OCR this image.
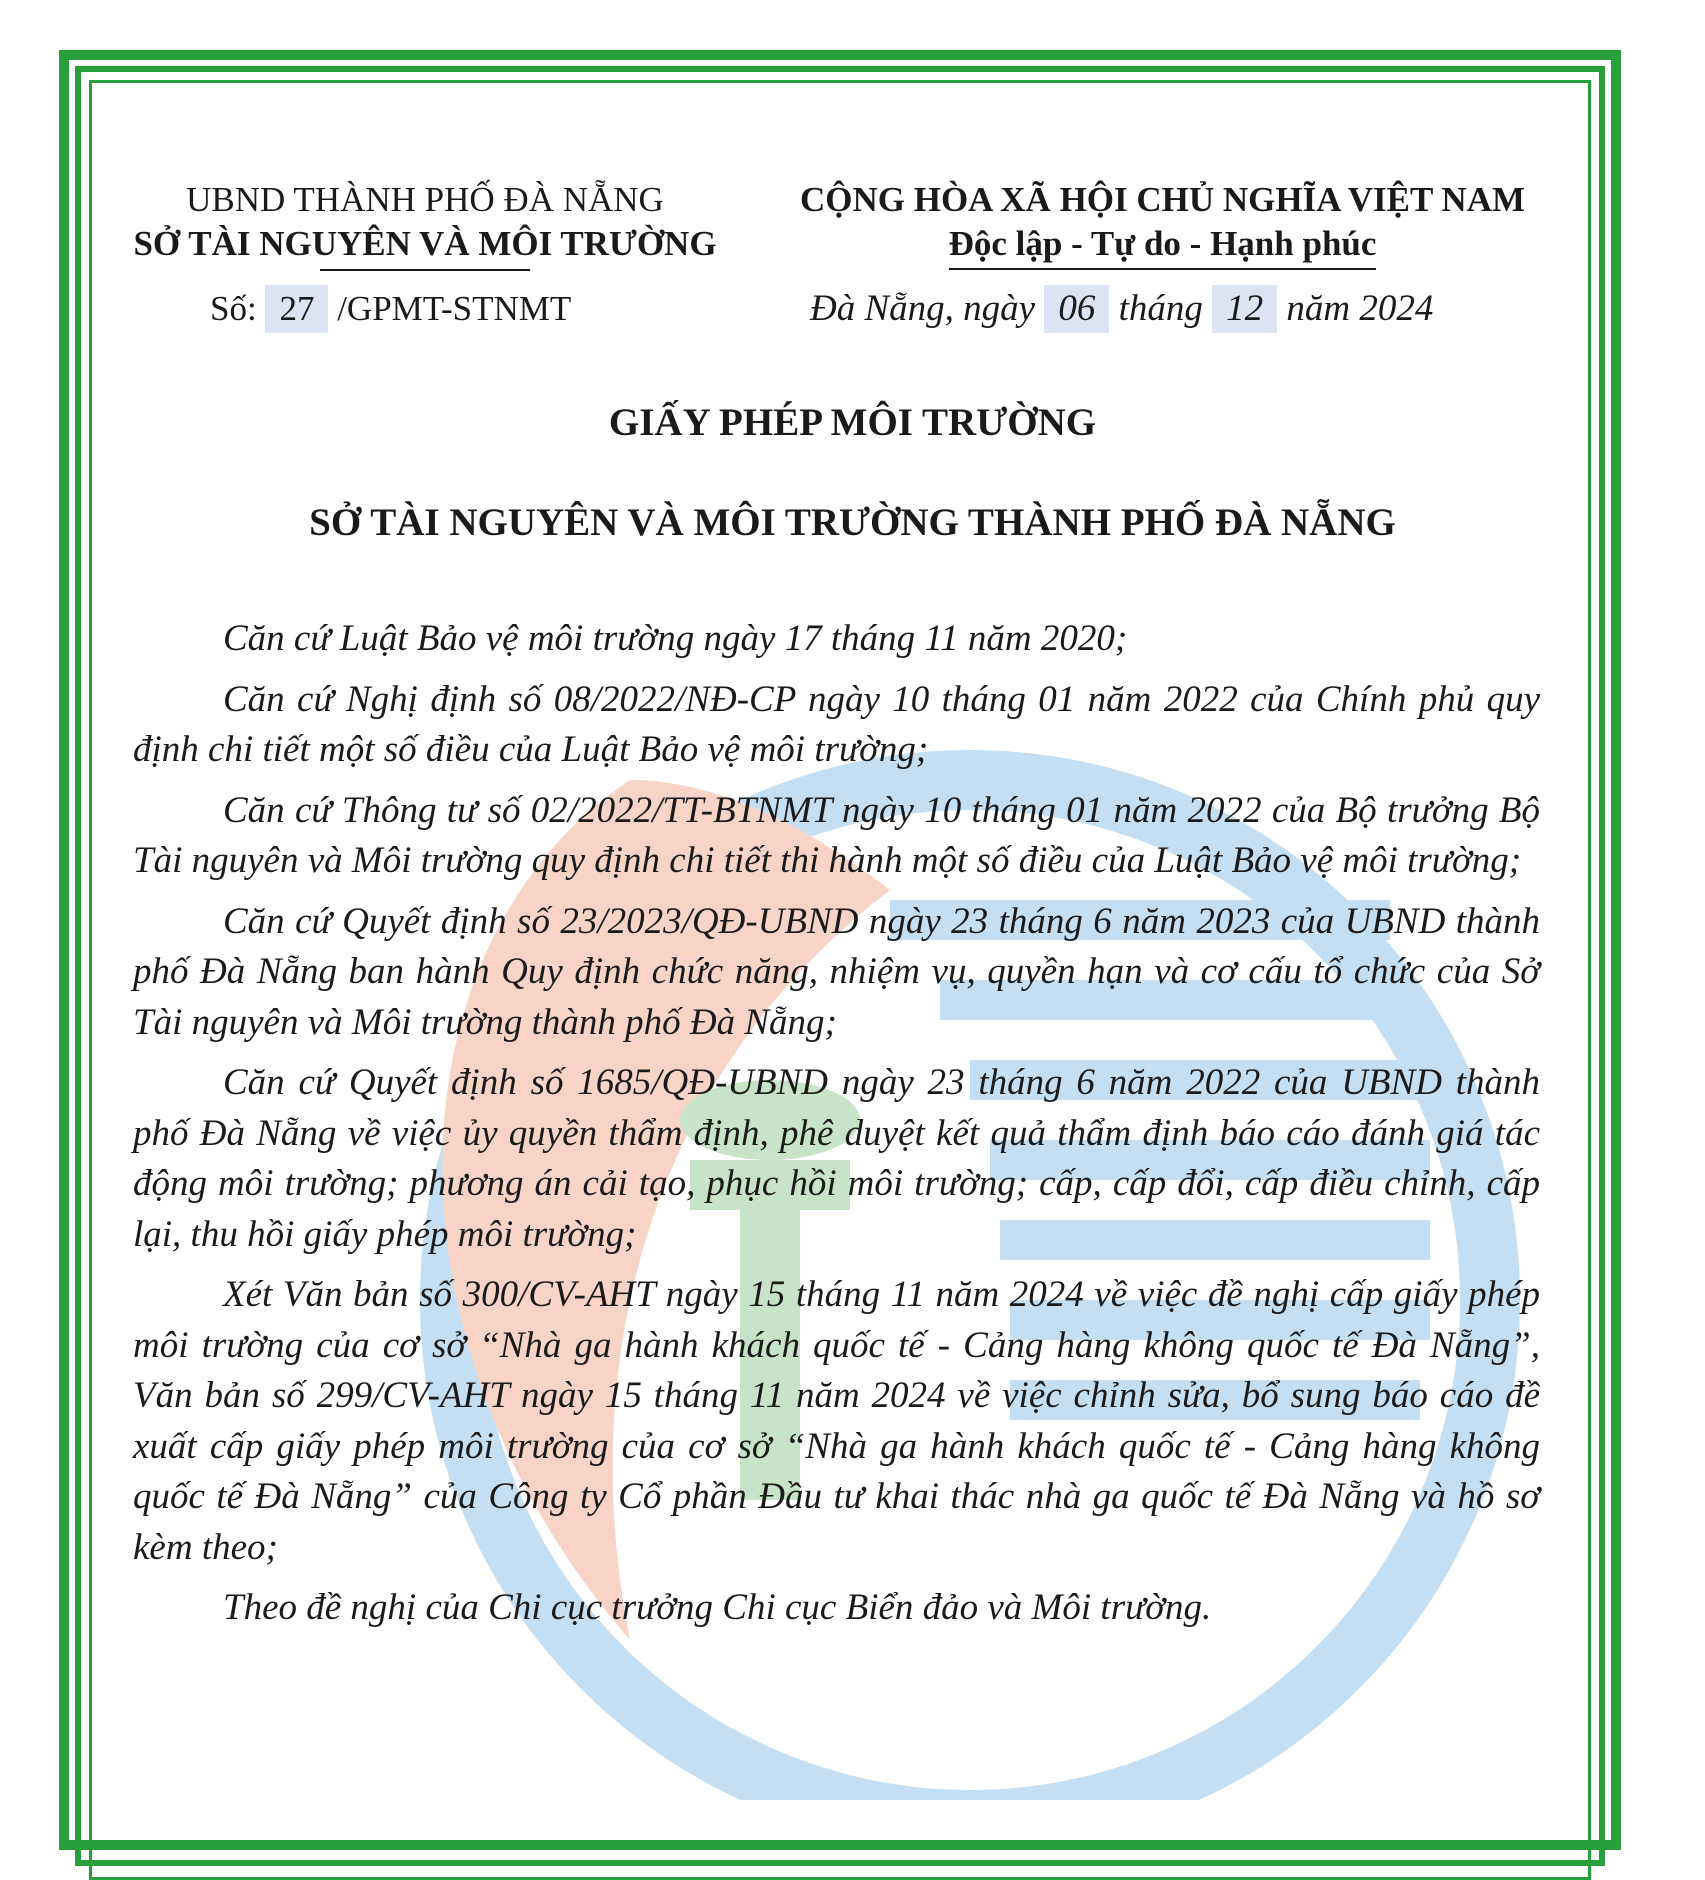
UBND THÀNH PHỐ ĐÀ NẴNG
SỞ TÀI NGUYÊN VÀ MÔI TRƯỜNG
CỘNG HÒA XÃ HỘI CHỦ NGHĨA VIỆT NAM
Độc lập - Tự do - Hạnh phúc
Số: 27 /GPMT-STNMT	Đà Nẵng, ngày 06 tháng 12 năm 2024
GIẤY PHÉP MÔI TRƯỜNG
SỞ TÀI NGUYÊN VÀ MÔI TRƯỜNG THÀNH PHỐ ĐÀ NẴNG

Căn cứ Luật Bảo vệ môi trường ngày 17 tháng 11 năm 2020;

Căn cứ Nghị định số 08/2022/NĐ-CP ngày 10 tháng 01 năm 2022 của Chính phủ quy định chi tiết một số điều của Luật Bảo vệ môi trường;

Căn cứ Thông tư số 02/2022/TT-BTNMT ngày 10 tháng 01 năm 2022 của Bộ trưởng Bộ Tài nguyên và Môi trường quy định chi tiết thi hành một số điều của Luật Bảo vệ môi trường;

Căn cứ Quyết định số 23/2023/QĐ-UBND ngày 23 tháng 6 năm 2023 của UBND thành phố Đà Nẵng ban hành Quy định chức năng, nhiệm vụ, quyền hạn và cơ cấu tổ chức của Sở Tài nguyên và Môi trường thành phố Đà Nẵng;

Căn cứ Quyết định số 1685/QĐ-UBND ngày 23 tháng 6 năm 2022 của UBND thành phố Đà Nẵng về việc ủy quyền thẩm định, phê duyệt kết quả thẩm định báo cáo đánh giá tác động môi trường; phương án cải tạo, phục hồi môi trường; cấp, cấp đổi, cấp điều chỉnh, cấp lại, thu hồi giấy phép môi trường;

Xét Văn bản số 300/CV-AHT ngày 15 tháng 11 năm 2024 về việc đề nghị cấp giấy phép môi trường của cơ sở “Nhà ga hành khách quốc tế - Cảng hàng không quốc tế Đà Nẵng”, Văn bản số 299/CV-AHT ngày 15 tháng 11 năm 2024 về việc chỉnh sửa, bổ sung báo cáo đề xuất cấp giấy phép môi trường của cơ sở “Nhà ga hành khách quốc tế - Cảng hàng không quốc tế Đà Nẵng” của Công ty Cổ phần Đầu tư khai thác nhà ga quốc tế Đà Nẵng và hồ sơ kèm theo;

Theo đề nghị của Chi cục trưởng Chi cục Biển đảo và Môi trường.
